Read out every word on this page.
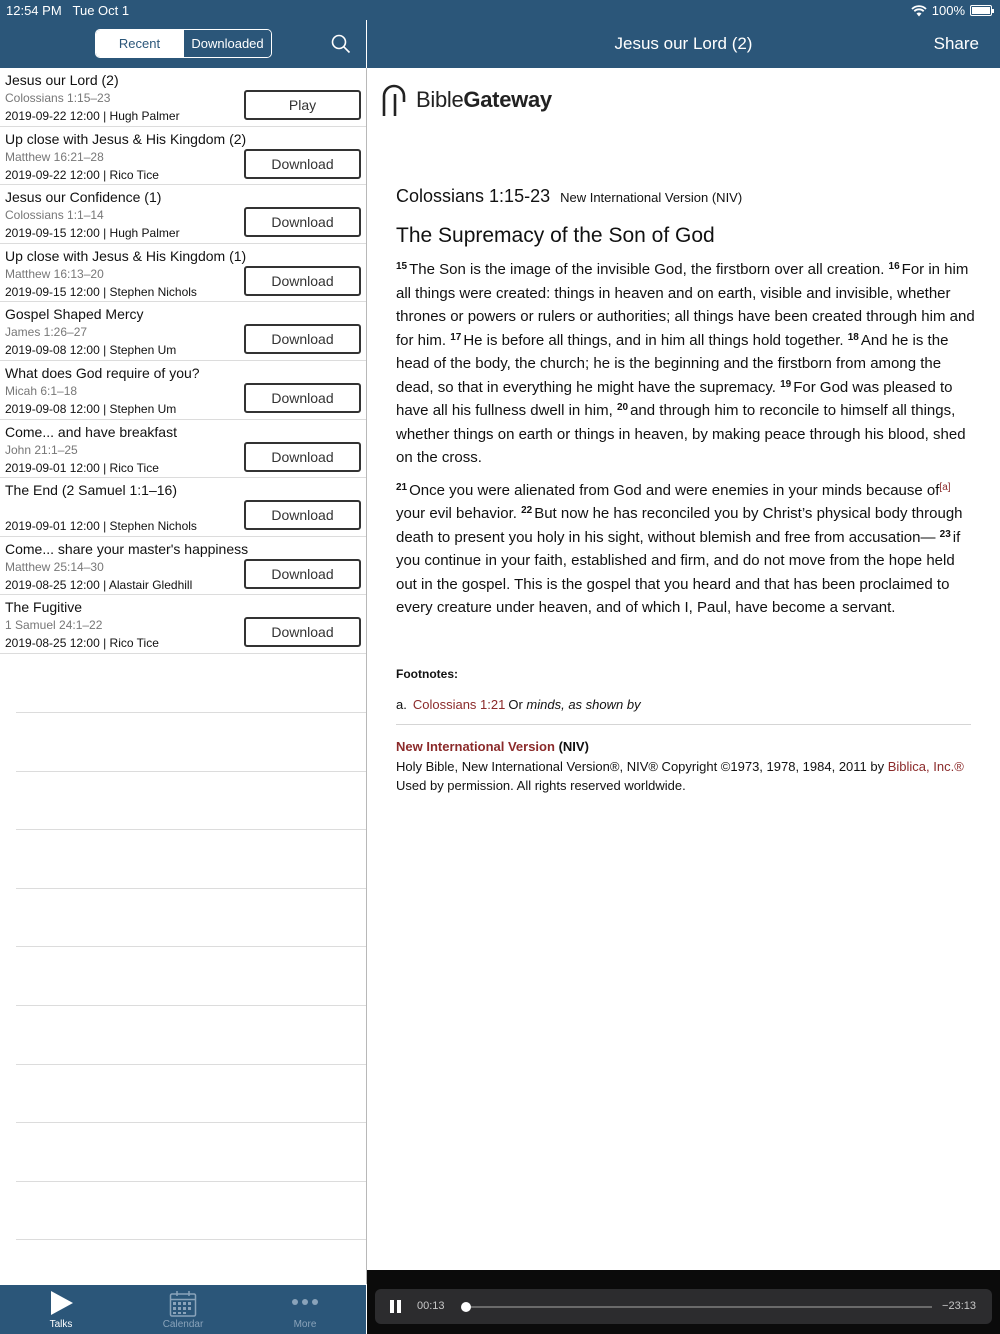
12:54 PM Tue Oct 1	100%
Recent	Downloaded	Jesus our Lord (2)	Share
Jesus our Lord (2)
Colossians 1:15–23
2019-09-22 12:00 | Hugh Palmer
Play
Up close with Jesus & His Kingdom (2)
Matthew 16:21–28
2019-09-22 12:00 | Rico Tice
Download
Jesus our Confidence (1)
Colossians 1:1–14
2019-09-15 12:00 | Hugh Palmer
Download
Up close with Jesus & His Kingdom (1)
Matthew 16:13–20
2019-09-15 12:00 | Stephen Nichols
Download
Gospel Shaped Mercy
James 1:26–27
2019-09-08 12:00 | Stephen Um
Download
What does God require of you?
Micah 6:1–18
2019-09-08 12:00 | Stephen Um
Download
Come... and have breakfast
John 21:1–25
2019-09-01 12:00 | Rico Tice
Download
The End (2 Samuel 1:1–16)
2019-09-01 12:00 | Stephen Nichols
Download
Come... share your master's happiness
Matthew 25:14–30
2019-08-25 12:00 | Alastair Gledhill
Download
The Fugitive
1 Samuel 24:1–22
2019-08-25 12:00 | Rico Tice
Download
Talks	Calendar	More
BibleGateway
Colossians 1:15-23 New International Version (NIV)
The Supremacy of the Son of God

$^{15}$ The Son is the image of the invisible God, the firstborn over all creation. $^{16}$ For in him all things were created: things in heaven and on earth, visible and invisible, whether thrones or powers or rulers or authorities; all things have been created through him and for him. $^{17}$ He is before all things, and in him all things hold together. $^{18}$ And he is the head of the body, the church; he is the beginning and the firstborn from among the dead, so that in everything he might have the supremacy. $^{19}$ For God was pleased to have all his fullness dwell in him, $^{20}$ and through him to reconcile to himself all things, whether things on earth or things in heaven, by making peace through his blood, shed on the cross.

$^{21}$ Once you were alienated from God and were enemies in your minds because of[a] your evil behavior. $^{22}$ But now he has reconciled you by Christ’s physical body through death to present you holy in his sight, without blemish and free from accusation— $^{23}$ if you continue in your faith, established and firm, and do not move from the hope held out in the gospel. This is the gospel that you heard and that has been proclaimed to every creature under heaven, and of which I, Paul, have become a servant.

Footnotes:
a. Colossians 1:21 Or minds, as shown by
New International Version (NIV)
Holy Bible, New International Version®, NIV® Copyright ©1973, 1978, 1984, 2011 by Biblica, Inc.® Used by permission. All rights reserved worldwide.
00:13	−23:13
